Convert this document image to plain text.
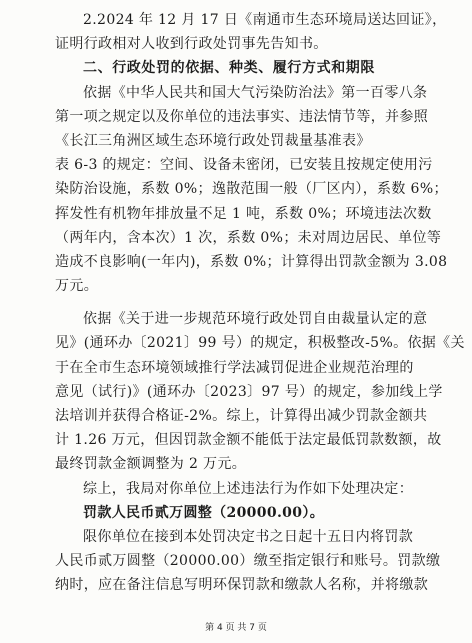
2.2024 年 12 月 17 日《南通市生态环境局送达回证》，
证明行政相对人收到行政处罚事先告知书。
二、行政处罚的依据、种类、履行方式和期限
依据《中华人民共和国大气污染防治法》第一百零八条
第一项之规定以及你单位的违法事实、违法情节等，并参照
《长江三角洲区域生态环境行政处罚裁量基准表》
表 6-3 的规定：空间、设备未密闭，已安装且按规定使用污
染防治设施，系数 0%；逸散范围一般（厂区内），系数 6%；
挥发性有机物年排放量不足 1 吨，系数 0%；环境违法次数
（两年内，含本次）1 次，系数 0%；未对周边居民、单位等
造成不良影响(一年内)，系数 0%；计算得出罚款金额为 3.08
万元。
依据《关于进一步规范环境行政处罚自由裁量认定的意
见》(通环办〔2021〕99 号）的规定，积极整改-5%。依据《关
于在全市生态环境领域推行学法减罚促进企业规范治理的
意见（试行)》(通环办〔2023〕97 号）的规定，参加线上学
法培训并获得合格证-2%。综上，计算得出减少罚款金额共
计 1.26 万元，但因罚款金额不能低于法定最低罚款数额，故
最终罚款金额调整为 2 万元。
综上，我局对你单位上述违法行为作如下处理决定：
罚款人民币贰万圆整（20000.00）。
限你单位在接到本处罚决定书之日起十五日内将罚款
人民币贰万圆整（20000.00）缴至指定银行和账号。罚款缴
纳时，应在备注信息写明环保罚款和缴款人名称，并将缴款
第 4 页 共 7 页
